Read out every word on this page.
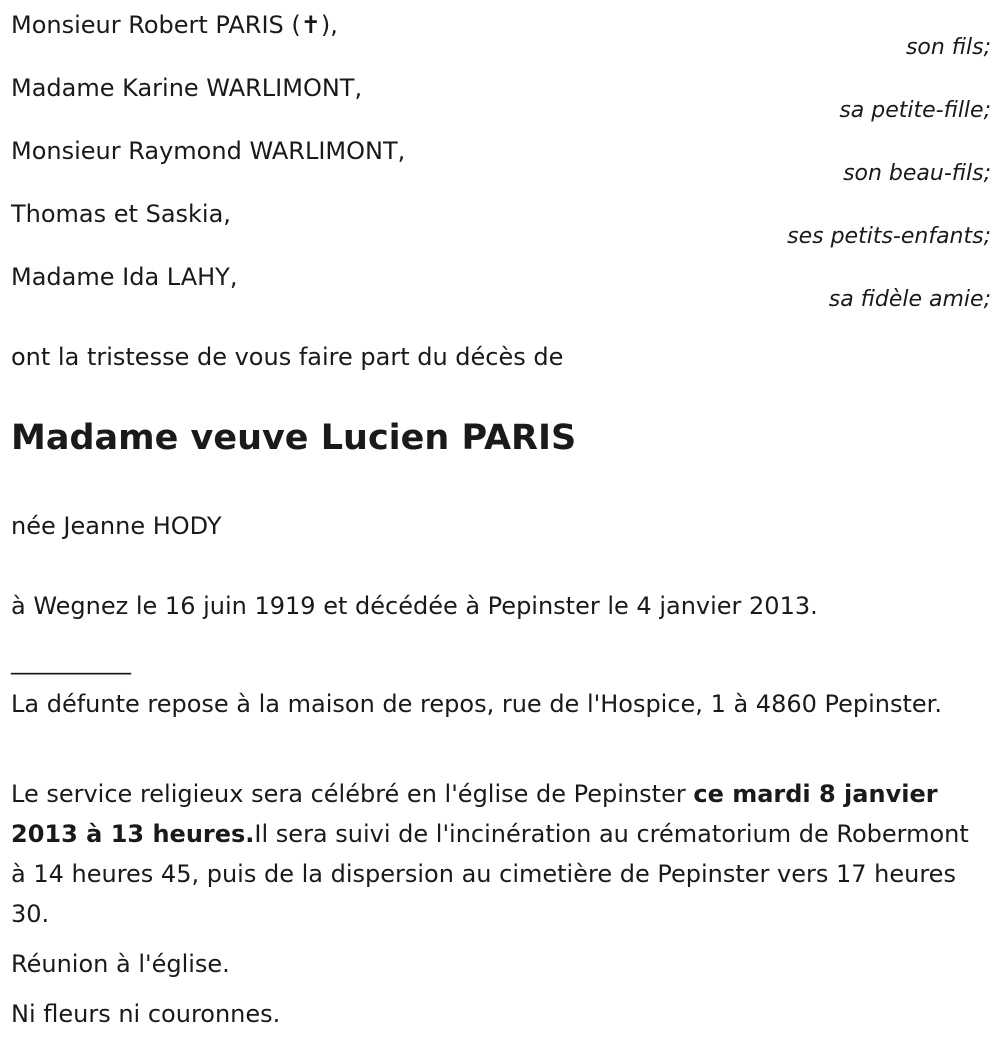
Monsieur Robert PARIS (✝),
son fils;
Madame Karine WARLIMONT,
sa petite-fille;
Monsieur Raymond WARLIMONT,
son beau-fils;
Thomas et Saskia,
ses petits-enfants;
Madame Ida LAHY,
sa fidèle amie;
ont la tristesse de vous faire part du décès de
Madame veuve Lucien PARIS
née Jeanne HODY
à Wegnez le 16 juin 1919 et décédée à Pepinster le 4 janvier 2013.
__________
La défunte repose à la maison de repos, rue de l'Hospice, 1 à 4860 Pepinster.
Le service religieux sera célébré en l'église de Pepinster ce mardi 8 janvier 2013 à 13 heures.Il sera suivi de l'incinération au crématorium de Robermont à 14 heures 45, puis de la dispersion au cimetière de Pepinster vers 17 heures 30.
Réunion à l'église.
Ni fleurs ni couronnes.
